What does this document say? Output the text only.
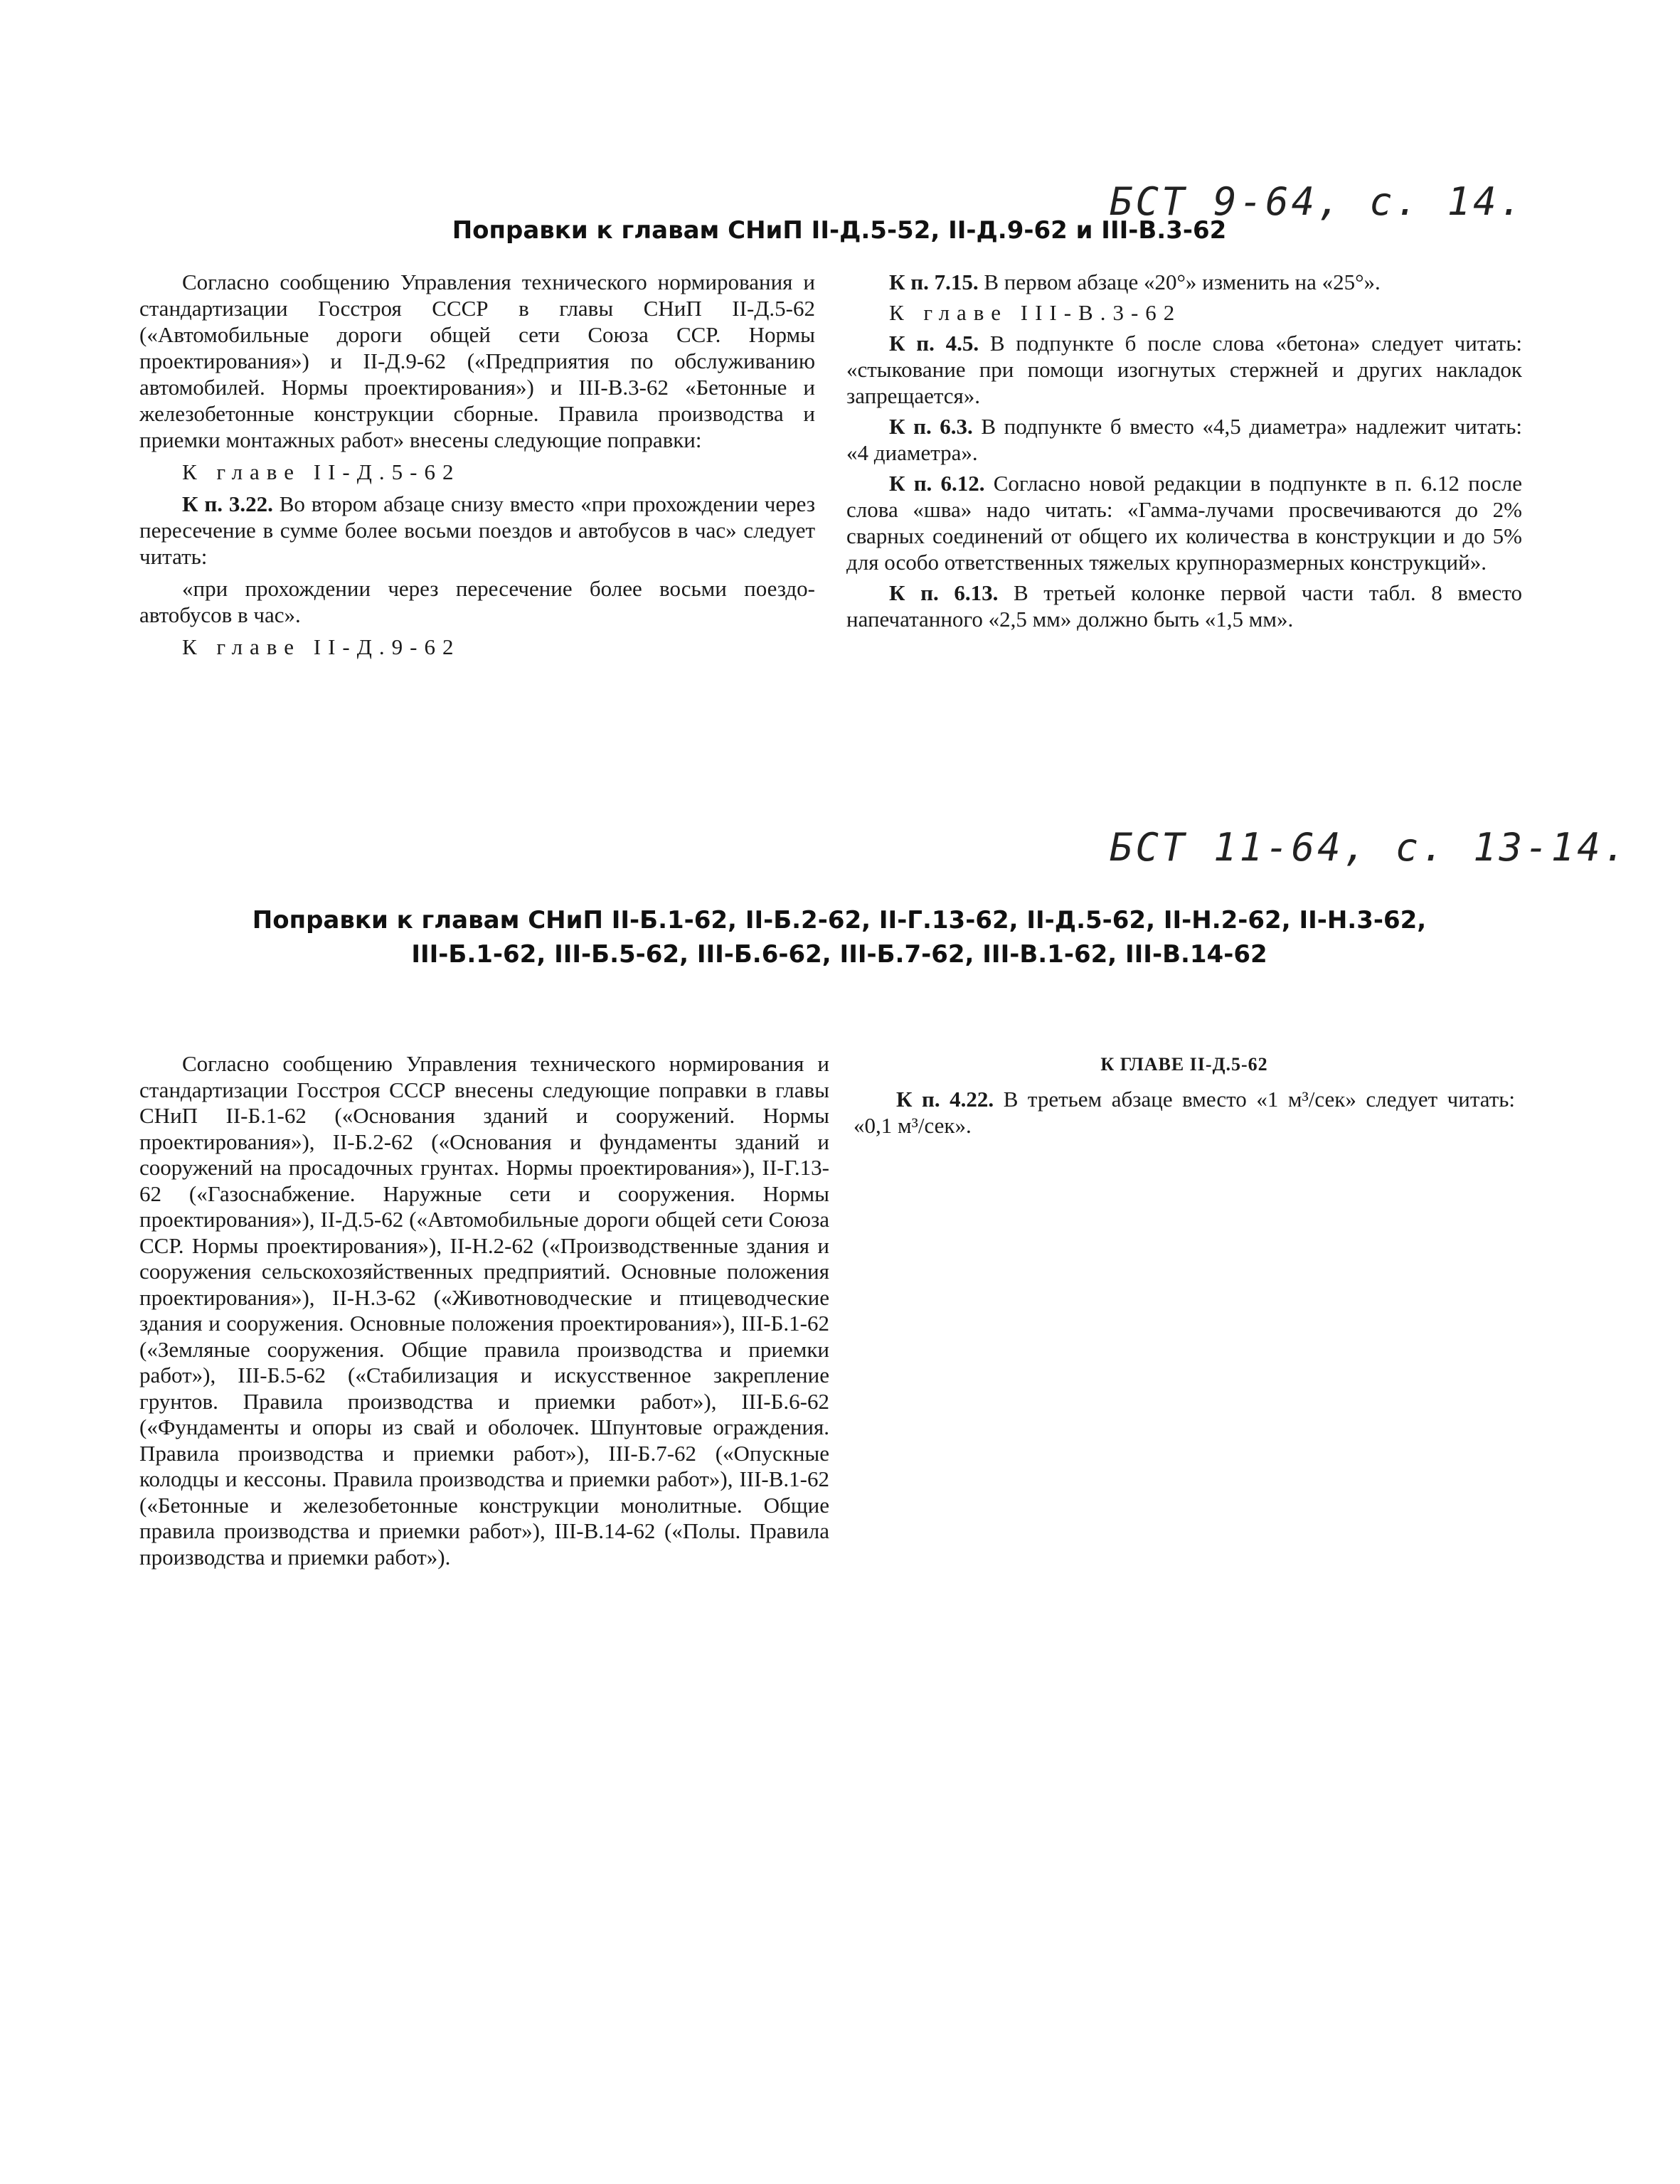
БСТ 9-64, с. 14.
Поправки к главам СНиП II-Д.5-52, II-Д.9-62 и III-В.3-62

Согласно сообщению Управления технического нормирования и стандартизации Госстроя СССР в главы СНиП II-Д.5-62 («Автомобильные дороги общей сети Союза ССР. Нормы проектирования») и II-Д.9-62 («Предприятия по обслуживанию автомобилей. Нормы проектирования») и III-В.3-62 «Бетонные и железобетонные конструкции сборные. Правила производства и приемки монтажных работ» внесены следующие поправки:

К главе II-Д.5-62

К п. 3.22. Во втором абзаце снизу вместо «при прохождении через пересечение в сумме более восьми поездов и автобусов в час» следует читать:

«при прохождении через пересечение более восьми поездо-автобусов в час».

К главе II-Д.9-62

К п. 7.15. В первом абзаце «20°» изменить на «25°».

К главе III-В.3-62

К п. 4.5. В подпункте б после слова «бетона» следует читать: «стыкование при помощи изогнутых стержней и других накладок запрещается».

К п. 6.3. В подпункте б вместо «4,5 диаметра» надлежит читать: «4 диаметра».

К п. 6.12. Согласно новой редакции в подпункте в п. 6.12 после слова «шва» надо читать: «Гамма-лучами просвечиваются до 2% сварных соединений от общего их количества в конструкции и до 5% для особо ответственных тяжелых крупноразмерных конструкций».

К п. 6.13. В третьей колонке первой части табл. 8 вместо напечатанного «2,5 мм» должно быть «1,5 мм».

БСТ 11-64, с. 13-14.
Поправки к главам СНиП II-Б.1-62, II-Б.2-62, II-Г.13-62, II-Д.5-62, II-Н.2-62, II-Н.3-62,
III-Б.1-62, III-Б.5-62, III-Б.6-62, III-Б.7-62, III-В.1-62, III-В.14-62

Согласно сообщению Управления технического нормирования и стандартизации Госстроя СССР внесены следующие поправки в главы СНиП II-Б.1-62 («Основания зданий и сооружений. Нормы проектирования»), II-Б.2-62 («Основания и фундаменты зданий и сооружений на просадочных грунтах. Нормы проектирования»), II-Г.13-62 («Газоснабжение. Наружные сети и сооружения. Нормы проектирования»), II-Д.5-62 («Автомобильные дороги общей сети Союза ССР. Нормы проектирования»), II-Н.2-62 («Производственные здания и сооружения сельскохозяйственных предприятий. Основные положения проектирования»), II-Н.3-62 («Животноводческие и птицеводческие здания и сооружения. Основные положения проектирования»), III-Б.1-62 («Земляные сооружения. Общие правила производства и приемки работ»), III-Б.5-62 («Стабилизация и искусственное закрепление грунтов. Правила производства и приемки работ»), III-Б.6-62 («Фундаменты и опоры из свай и оболочек. Шпунтовые ограждения. Правила производства и приемки работ»), III-Б.7-62 («Опускные колодцы и кессоны. Правила производства и приемки работ»), III-В.1-62 («Бетонные и железобетонные конструкции монолитные. Общие правила производства и приемки работ»), III-В.14-62 («Полы. Правила производства и приемки работ»).

К ГЛАВЕ II-Д.5-62

К п. 4.22. В третьем абзаце вместо «1 м³/сек» следует читать: «0,1 м³/сек».
